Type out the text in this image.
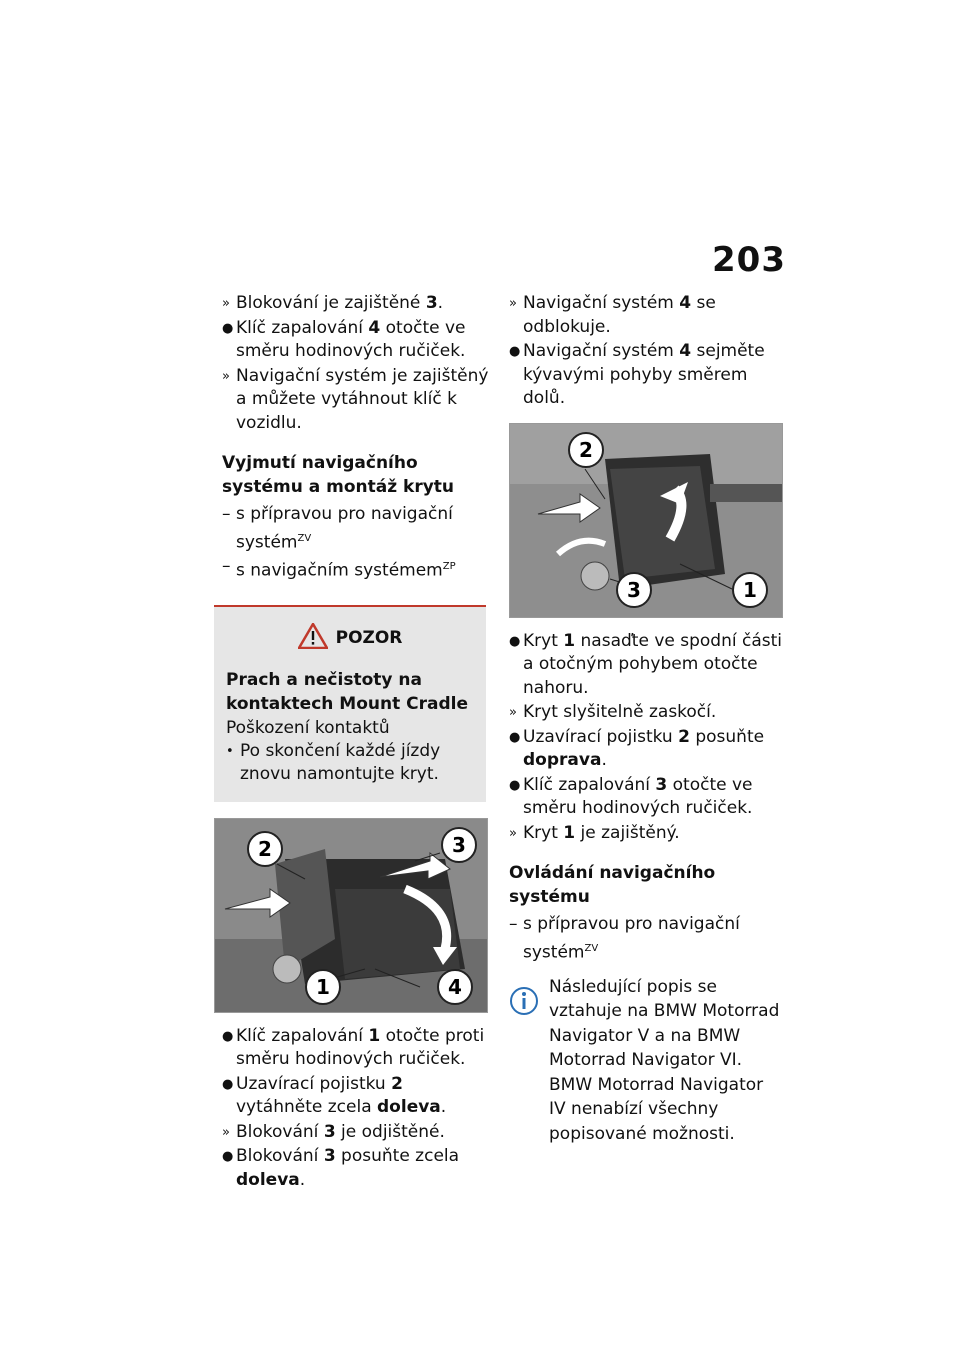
203
» Blokování je zajištěné 3.
● Klíč zapalování 4 otočte ve směru hodinových ručiček.
» Navigační systém je zajištěný a můžete vytáhnout klíč k vozidlu.
Vyjmutí navigačního systému a montáž krytu
– s přípravou pro navigační systém$^{ZV}$
– s navigačním systémem$^{ZP}$
POZOR
Prach a nečistoty na kontaktech Mount Cradle
Poškození kontaktů
• Po skončení každé jízdy znovu namontujte kryt.
2	3
1	4
● Klíč zapalování 1 otočte proti směru hodinových ručiček.
● Uzavírací pojistku 2 vytáhněte zcela doleva.
» Blokování 3 je odjištěné.
● Blokování 3 posuňte zcela doleva.
» Navigační systém 4 se odblokuje.
● Navigační systém 4 sejměte kývavými pohyby směrem dolů.
2
3	1
● Kryt 1 nasaďte ve spodní části a otočným pohybem otočte nahoru.
» Kryt slyšitelně zaskočí.
● Uzavírací pojistku 2 posuňte doprava.
● Klíč zapalování 3 otočte ve směru hodinových ručiček.
» Kryt 1 je zajištěný.
Ovládání navigačního systému
– s přípravou pro navigační systém$^{ZV}$
Následující popis se vztahuje na BMW Motorrad Navigator V a na BMW Motorrad Navigator VI. BMW Motorrad Navigator IV nenabízí všechny popisované možnosti.
